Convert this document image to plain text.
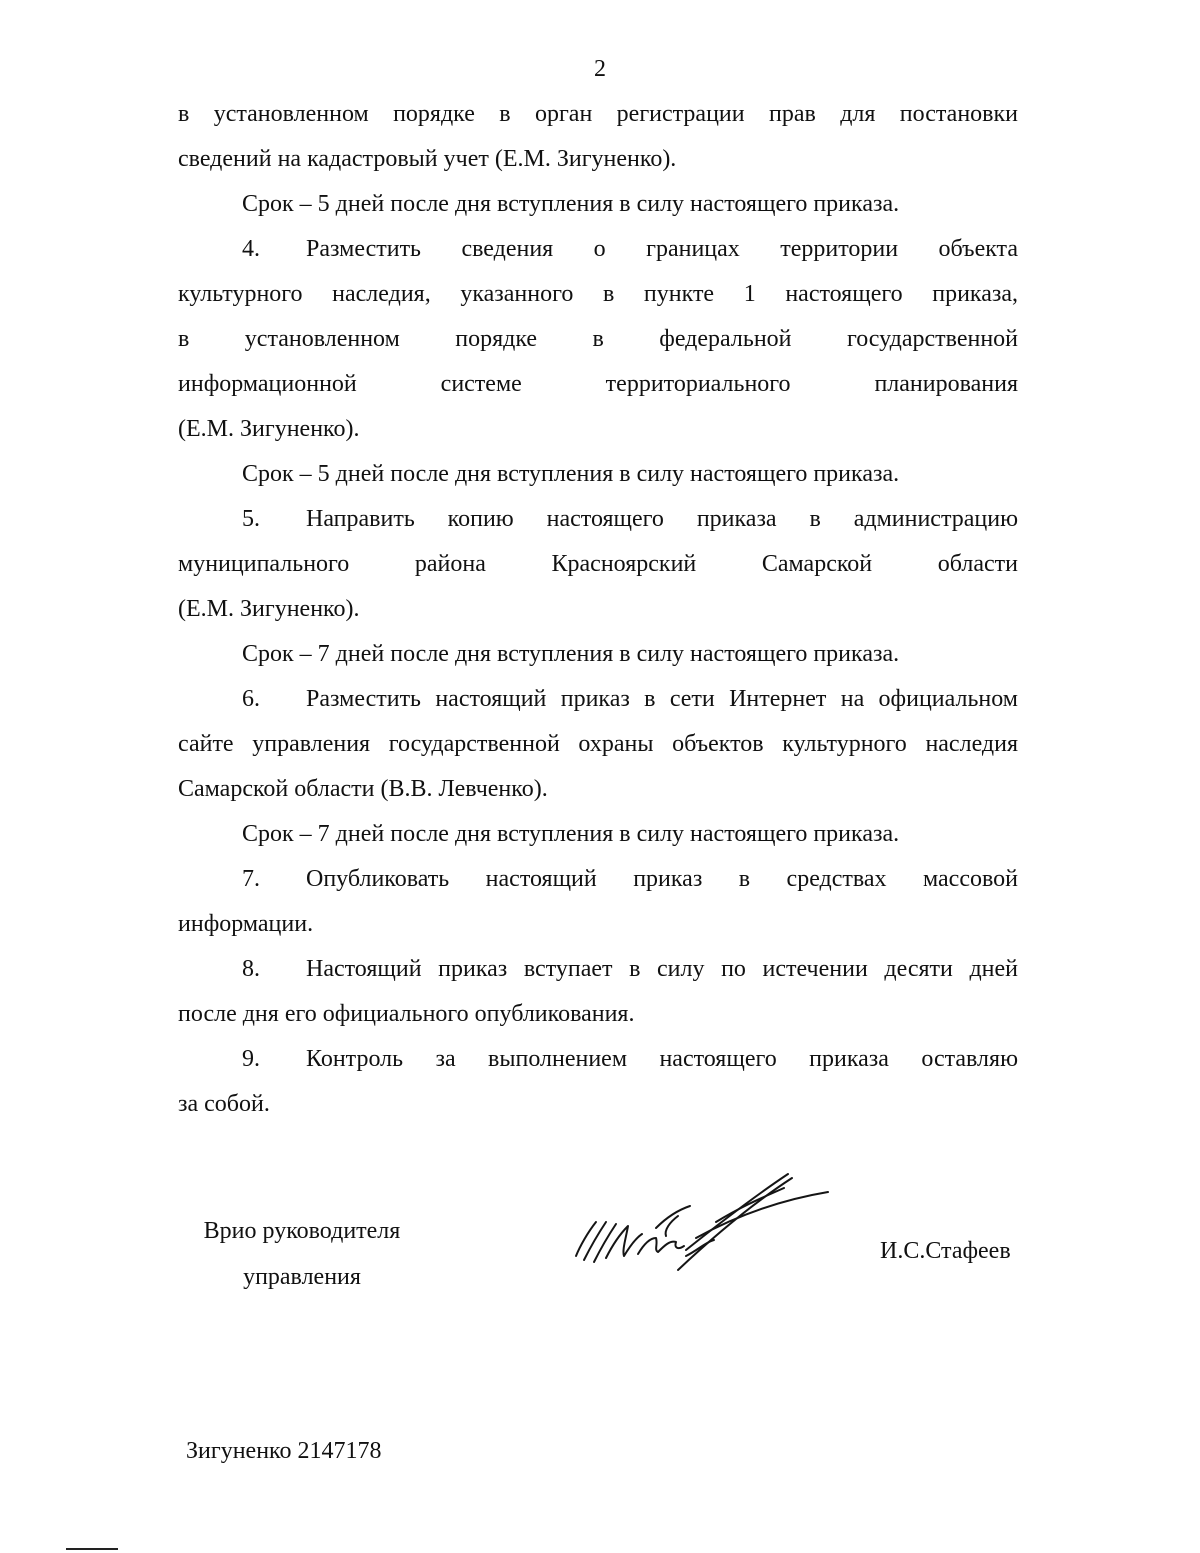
2
в установленном порядке в орган регистрации прав для постановки
сведений на кадастровый учет (Е.М. Зигуненко).
Срок – 5 дней после дня вступления в силу настоящего приказа.
4. Разместить сведения о границах территории объекта
культурного наследия, указанного в пункте 1 настоящего приказа,
в установленном порядке в федеральной государственной
информационной системе территориального планирования
(Е.М. Зигуненко).
Срок – 5 дней после дня вступления в силу настоящего приказа.
5. Направить копию настоящего приказа в администрацию
муниципального района Красноярский Самарской области
(Е.М. Зигуненко).
Срок – 7 дней после дня вступления в силу настоящего приказа.
6. Разместить настоящий приказ в сети Интернет на официальном
сайте управления государственной охраны объектов культурного наследия
Самарской области (В.В. Левченко).
Срок – 7 дней после дня вступления в силу настоящего приказа.
7. Опубликовать настоящий приказ в средствах массовой
информации.
8. Настоящий приказ вступает в силу по истечении десяти дней
после дня его официального опубликования.
9. Контроль за выполнением настоящего приказа оставляю
за собой.
Врио руководителя
управления
И.С.Стафеев
Зигуненко 2147178
